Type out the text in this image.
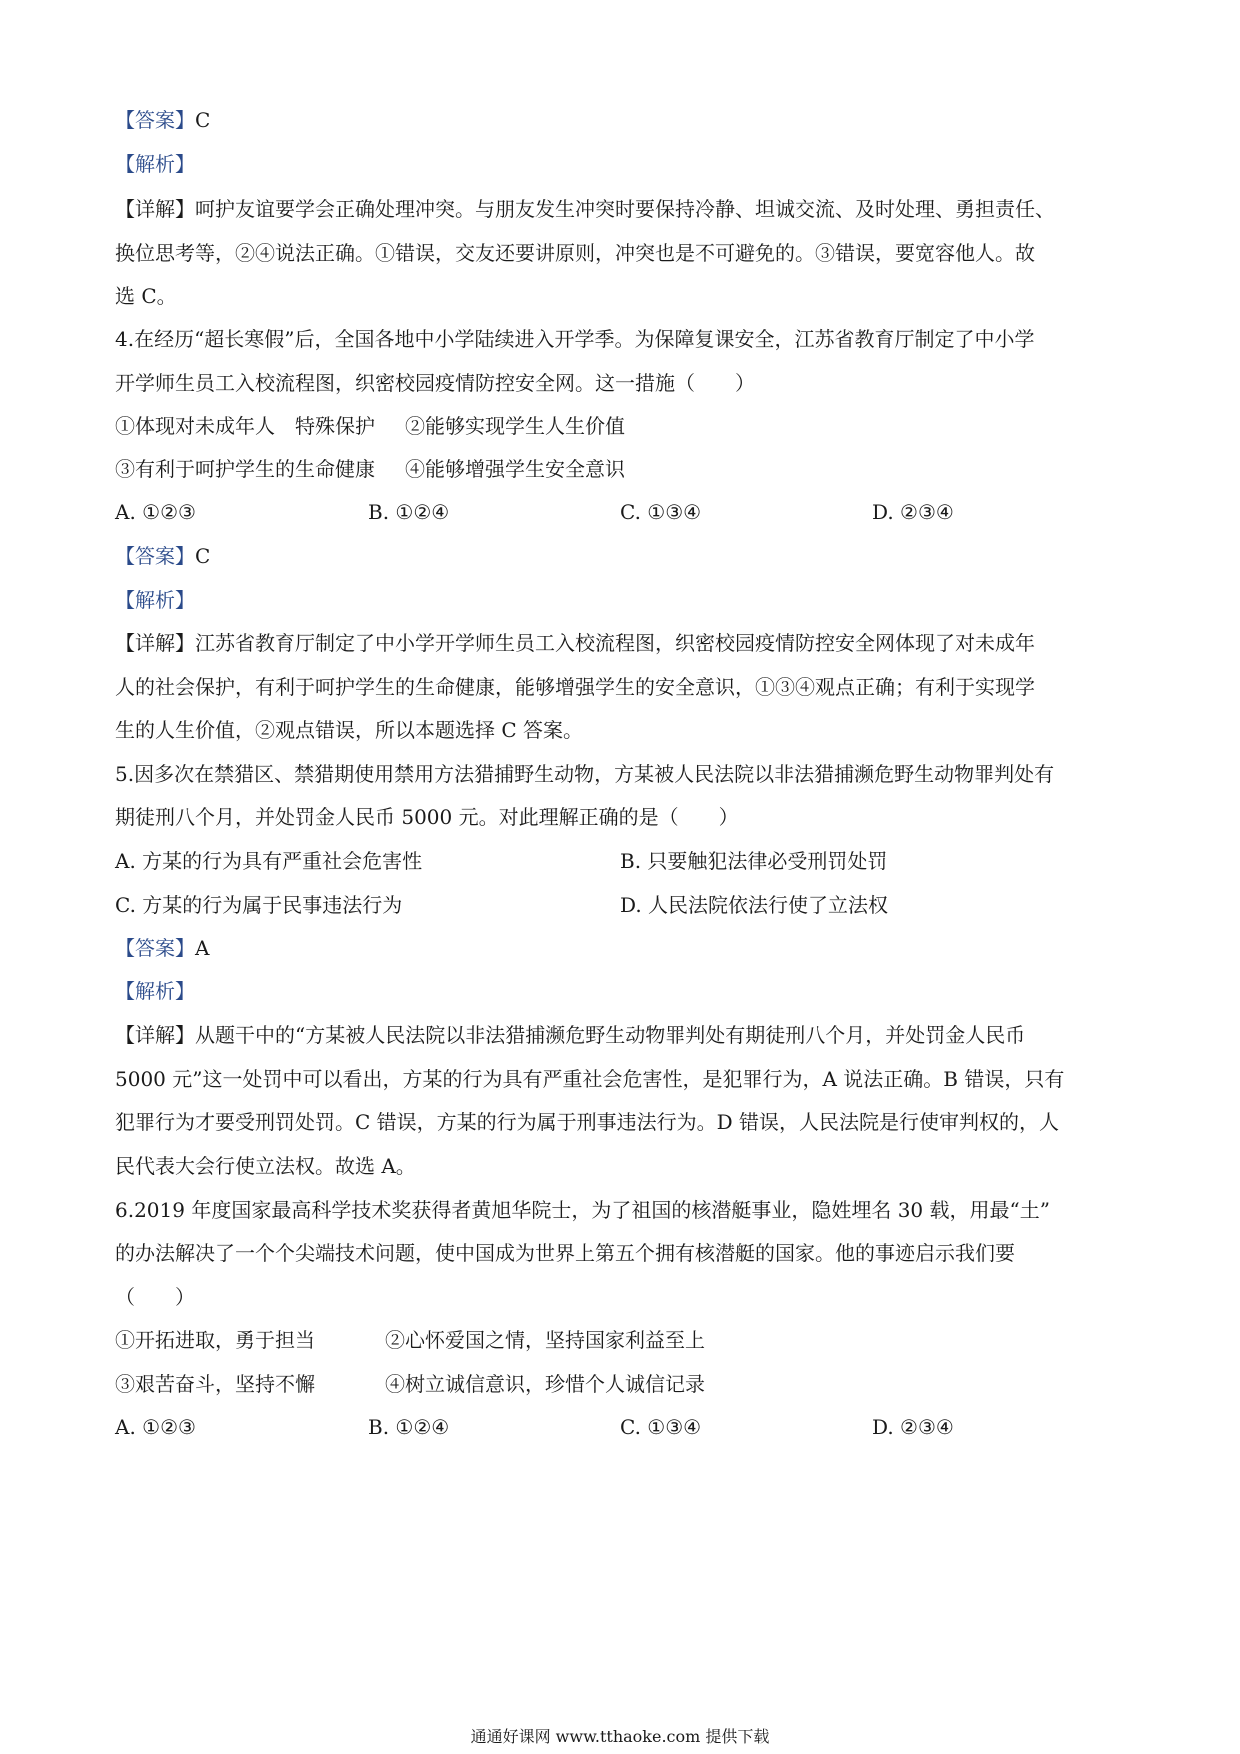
【答案】C

【解析】

【详解】呵护友谊要学会正确处理冲突。与朋友发生冲突时要保持冷静、坦诚交流、及时处理、勇担责任、

换位思考等，②④说法正确。①错误，交友还要讲原则，冲突也是不可避免的。③错误，要宽容他人。故

选 C。

4.在经历“超长寒假”后，全国各地中小学陆续进入开学季。为保障复课安全，江苏省教育厅制定了中小学

开学师生员工入校流程图，织密校园疫情防控安全网。这一措施（　　）

①体现对未成年人　特殊保护 ②能够实现学生人生价值
③有利于呵护学生的生命健康 ④能够增强学生安全意识
A. ①②③	B. ①②④	C. ①③④	D. ②③④

【答案】C

【解析】

【详解】江苏省教育厅制定了中小学开学师生员工入校流程图，织密校园疫情防控安全网体现了对未成年

人的社会保护，有利于呵护学生的生命健康，能够增强学生的安全意识，①③④观点正确；有利于实现学

生的人生价值，②观点错误，所以本题选择 C 答案。

5.因多次在禁猎区、禁猎期使用禁用方法猎捕野生动物，方某被人民法院以非法猎捕濒危野生动物罪判处有

期徒刑八个月，并处罚金人民币 5000 元。对此理解正确的是（　　）

A. 方某的行为具有严重社会危害性	B. 只要触犯法律必受刑罚处罚
C. 方某的行为属于民事违法行为	D. 人民法院依法行使了立法权

【答案】A

【解析】

【详解】从题干中的“方某被人民法院以非法猎捕濒危野生动物罪判处有期徒刑八个月，并处罚金人民币

5000 元”这一处罚中可以看出，方某的行为具有严重社会危害性，是犯罪行为，A 说法正确。B 错误，只有

犯罪行为才要受刑罚处罚。C 错误，方某的行为属于刑事违法行为。D 错误，人民法院是行使审判权的，人

民代表大会行使立法权。故选 A。

6.2019 年度国家最高科学技术奖获得者黄旭华院士，为了祖国的核潜艇事业，隐姓埋名 30 载，用最“土”

的办法解决了一个个尖端技术问题，使中国成为世界上第五个拥有核潜艇的国家。他的事迹启示我们要

（　　）

①开拓进取，勇于担当	②心怀爱国之情，坚持国家利益至上
③艰苦奋斗，坚持不懈	④树立诚信意识，珍惜个人诚信记录
A. ①②③	B. ①②④	C. ①③④	D. ②③④
通通好课网 www.tthaoke.com 提供下载
